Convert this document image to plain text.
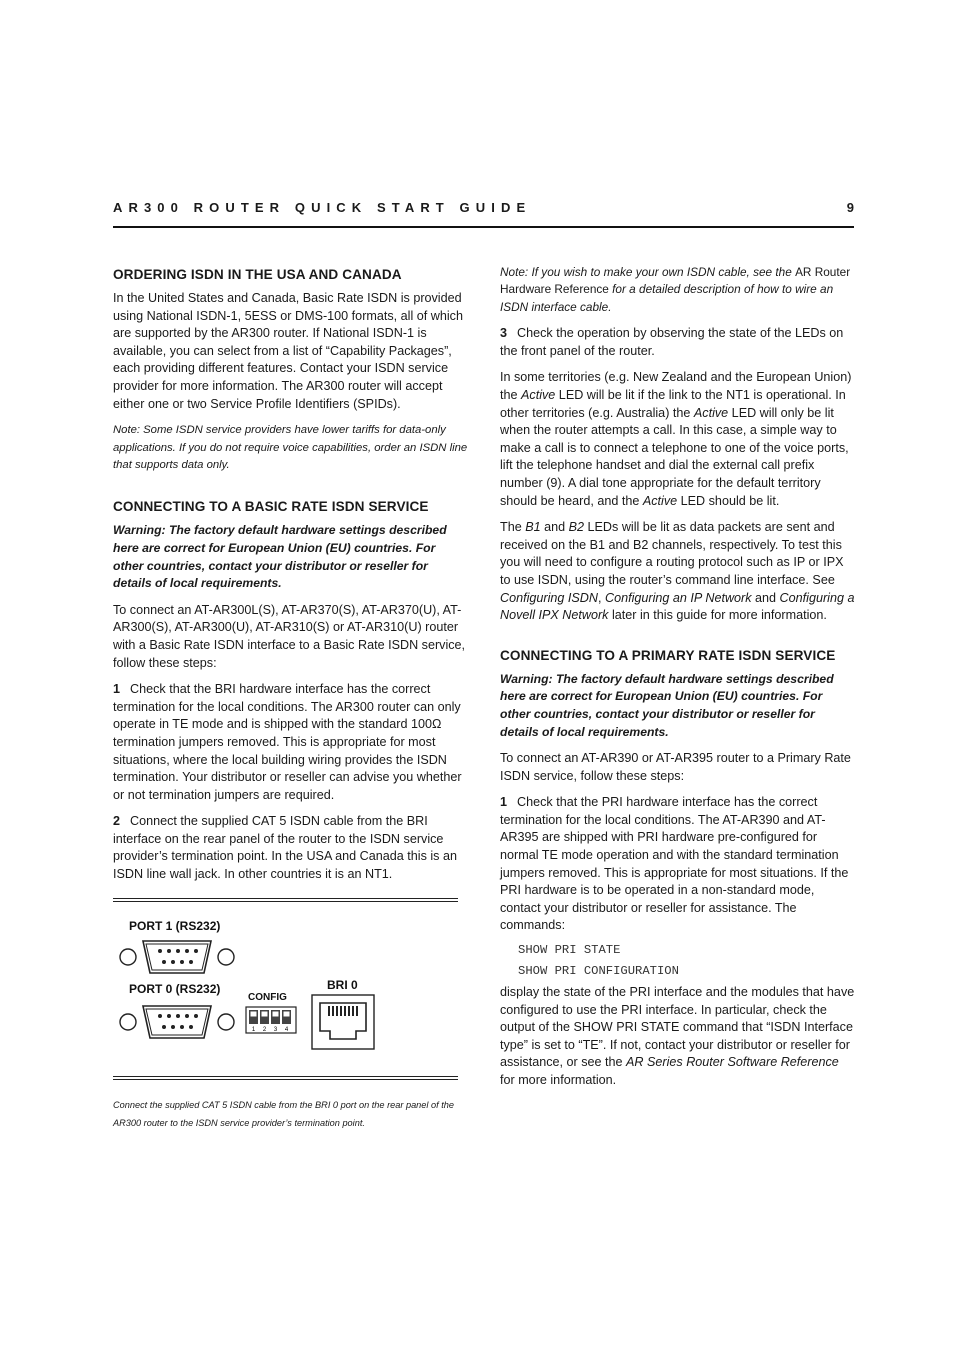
AR300 ROUTER QUICK START GUIDE	9
ORDERING ISDN IN THE USA AND CANADA

In the United States and Canada, Basic Rate ISDN is provided using National ISDN-1, 5ESS or DMS-100 formats, all of which are supported by the AR300 router. If National ISDN-1 is available, you can select from a list of “Capability Packages”, each providing different features. Contact your ISDN service provider for more information. The AR300 router will accept either one or two Service Profile Identifiers (SPIDs).

Note: Some ISDN service providers have lower tariffs for data-only applications. If you do not require voice capabilities, order an ISDN line that supports data only.

CONNECTING TO A BASIC RATE ISDN SERVICE

Warning: The factory default hardware settings described here are correct for European Union (EU) countries. For other countries, contact your distributor or reseller for details of local requirements.

To connect an AT-AR300L(S), AT-AR370(S), AT-AR370(U), AT-AR300(S), AT-AR300(U), AT-AR310(S) or AT-AR310(U) router with a Basic Rate ISDN interface to a Basic Rate ISDN service, follow these steps:

1 Check that the BRI hardware interface has the correct termination for the local conditions. The AR300 router can only operate in TE mode and is shipped with the standard 100Ω termination jumpers removed. This is appropriate for most situations, where the local building wiring provides the ISDN termination. Your distributor or reseller can advise you whether or not termination jumpers are required.

2 Connect the supplied CAT 5 ISDN cable from the BRI interface on the rear panel of the router to the ISDN service provider’s termination point. In the USA and Canada this is an ISDN line wall jack. In other countries it is an NT1.

PORT 1 (RS232)
PORT 0 (RS232)
CONFIG
1 2 3 4
BRI 0

Connect the supplied CAT 5 ISDN cable from the BRI 0 port on the rear panel of the AR300 router to the ISDN service provider’s termination point.

Note: If you wish to make your own ISDN cable, see the AR Router Hardware Reference for a detailed description of how to wire an ISDN interface cable.

3 Check the operation by observing the state of the LEDs on the front panel of the router.

In some territories (e.g. New Zealand and the European Union) the Active LED will be lit if the link to the NT1 is operational. In other territories (e.g. Australia) the Active LED will only be lit when the router attempts a call. In this case, a simple way to make a call is to connect a telephone to one of the voice ports, lift the telephone handset and dial the external call prefix number (9). A dial tone appropriate for the default territory should be heard, and the Active LED should be lit.

The B1 and B2 LEDs will be lit as data packets are sent and received on the B1 and B2 channels, respectively. To test this you will need to configure a routing protocol such as IP or IPX to use ISDN, using the router’s command line interface. See Configuring ISDN, Configuring an IP Network and Configuring a Novell IPX Network later in this guide for more information.

CONNECTING TO A PRIMARY RATE ISDN SERVICE

Warning: The factory default hardware settings described here are correct for European Union (EU) countries. For other countries, contact your distributor or reseller for details of local requirements.

To connect an AT-AR390 or AT-AR395 router to a Primary Rate ISDN service, follow these steps:

1 Check that the PRI hardware interface has the correct termination for the local conditions. The AT-AR390 and AT-AR395 are shipped with PRI hardware pre-configured for normal TE mode operation and with the standard termination jumpers removed. This is appropriate for most situations. If the PRI hardware is to be operated in a non-standard mode, contact your distributor or reseller for assistance. The commands:

SHOW PRI STATE
SHOW PRI CONFIGURATION

display the state of the PRI interface and the modules that have configured to use the PRI interface. In particular, check the output of the SHOW PRI STATE command that “ISDN Interface type” is set to “TE”. If not, contact your distributor or reseller for assistance, or see the AR Series Router Software Reference for more information.
